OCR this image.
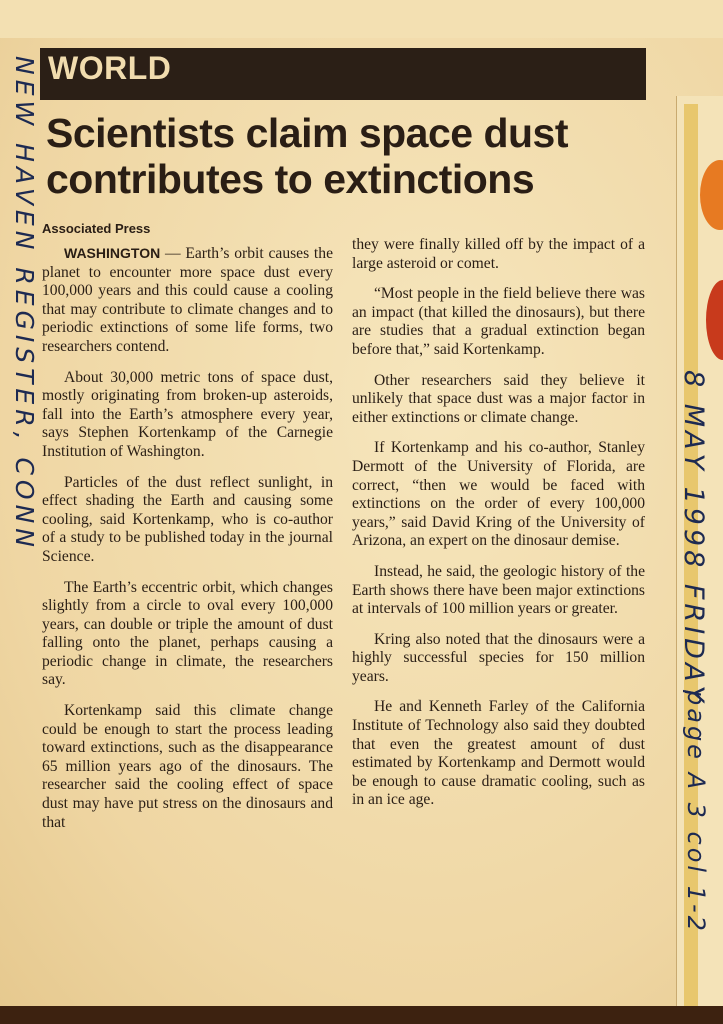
WORLD
Scientists claim space dust contributes to extinctions
Associated Press

WASHINGTON — Earth’s orbit causes the planet to encounter more space dust every 100,000 years and this could cause a cooling that may contribute to climate changes and to periodic extinctions of some life forms, two researchers contend.

About 30,000 metric tons of space dust, mostly originating from broken-up asteroids, fall into the Earth’s atmosphere every year, says Stephen Kortenkamp of the Carnegie Institution of Washington.

Particles of the dust reflect sunlight, in effect shading the Earth and causing some cooling, said Kortenkamp, who is co-author of a study to be published today in the journal Science.

The Earth’s eccentric orbit, which changes slightly from a circle to oval every 100,000 years, can double or triple the amount of dust falling onto the planet, perhaps causing a periodic change in climate, the researchers say.

Kortenkamp said this climate change could be enough to start the process leading toward extinctions, such as the disappearance 65 million years ago of the dinosaurs. The researcher said the cooling effect of space dust may have put stress on the dinosaurs and that

they were finally killed off by the impact of a large asteroid or comet.

“Most people in the field believe there was an impact (that killed the dinosaurs), but there are studies that a gradual extinction began before that,” said Kortenkamp.

Other researchers said they believe it unlikely that space dust was a major factor in either extinctions or climate change.

If Kortenkamp and his co-author, Stanley Dermott of the University of Florida, are correct, “then we would be faced with extinctions on the order of every 100,000 years,” said David Kring of the University of Arizona, an expert on the dinosaur demise.

Instead, he said, the geologic history of the Earth shows there have been major extinctions at intervals of 100 million years or greater.

Kring also noted that the dinosaurs were a highly successful species for 150 million years.

He and Kenneth Farley of the California Institute of Technology also said they doubted that even the greatest amount of dust estimated by Kortenkamp and Dermott would be enough to cause dramatic cooling, such as in an ice age.

NEW HAVEN REGISTER, CONN	8 MAY 1998 FRIDAY
page A 3 col 1-2
